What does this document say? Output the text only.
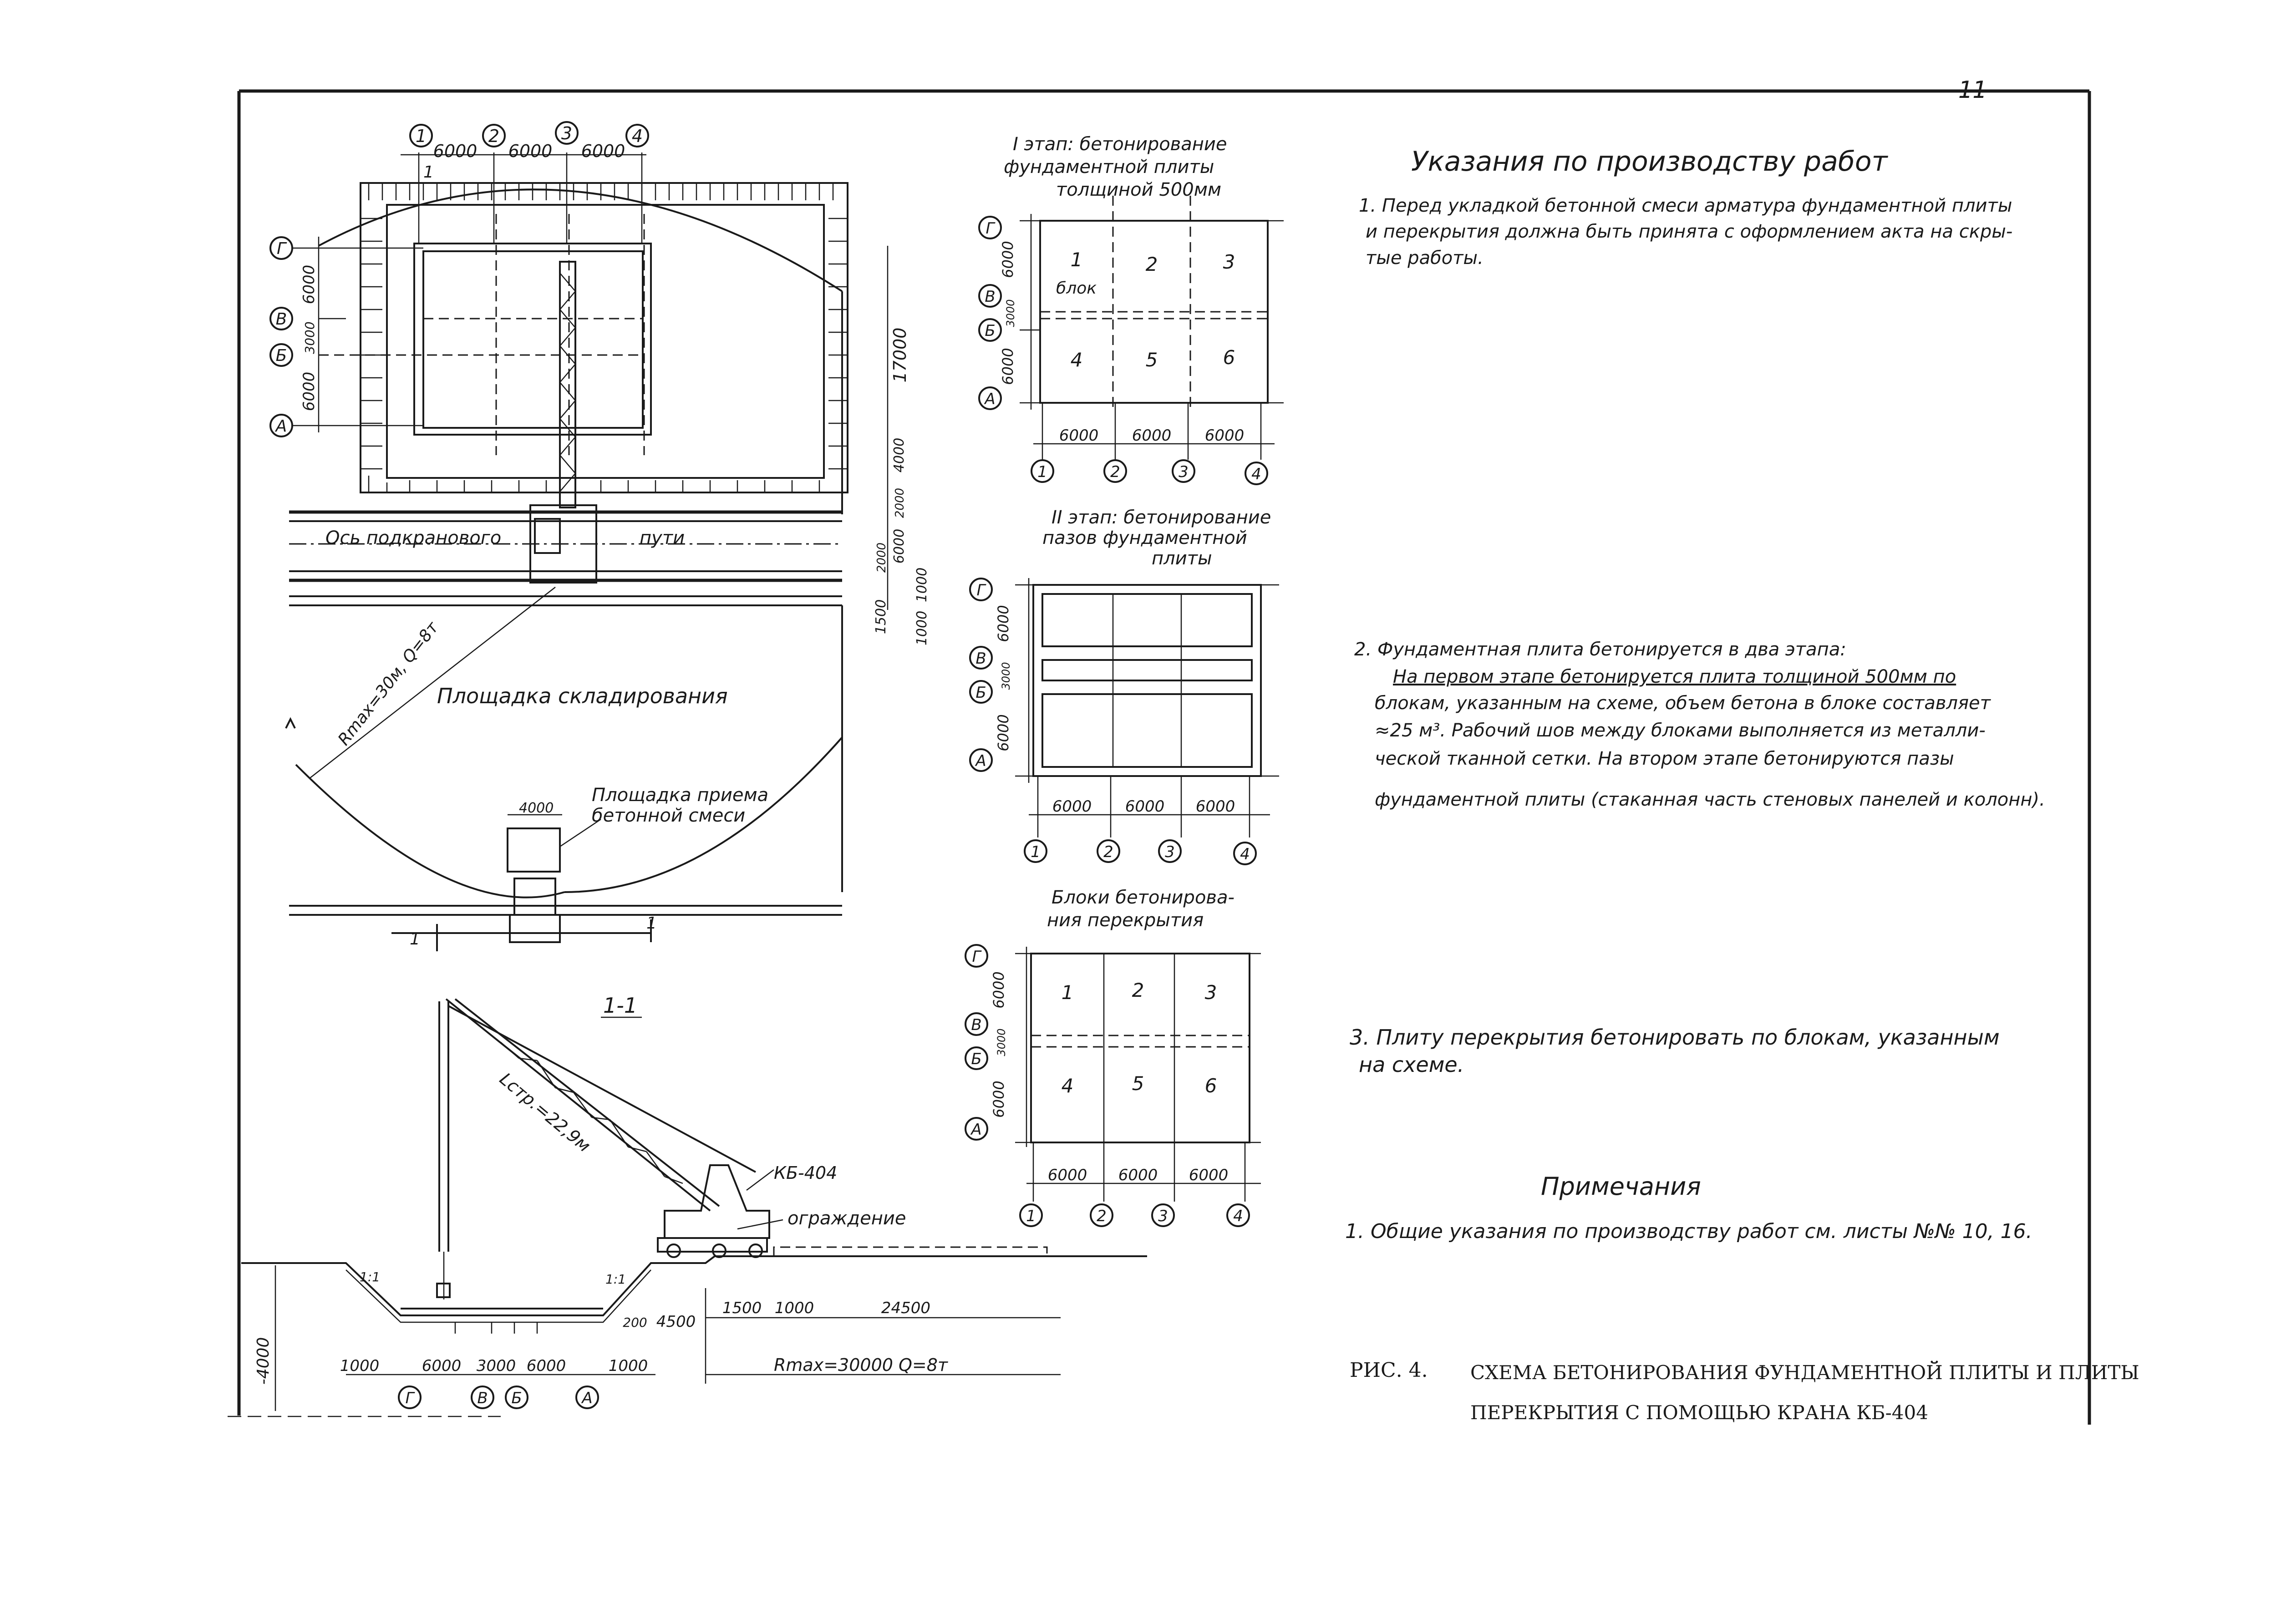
-11-
1	2	3	4
6000 6000 6000
Г
В
Б
А
6000
3000
6000
17000
4000
2000
6000
2000
1000
1500 1000
1
1
1
Ось подкранового	пути
Rmax=30м, Q=8т
Площадка складирования
Площадка приема
бетонной смеси
4000
1-1
Lстр.=22,9м
КБ-404
ограждение
1:1	1:1
-4000	1000	6000 3000 6000	1000
200 4500
1500 1000	24500
Rmax=30000 Q=8т
Г	В Б	А
I этап: бетонирование
фундаментной плиты
толщиной 500мм
1	2	3
4	5	6
блок
Г
В
Б
А
6000
3000
6000
6000 6000 6000
1	2	3	4
II этап: бетонирование
пазов фундаментной
плиты
Г
В
Б
А
6000
3000
6000
6000 6000 6000
1	2	3	4
Блоки бетонирова-
ния перекрытия
1	2	3
4	5	6
Г
В
Б
А
6000
3000
6000
6000 6000 6000
1	2	3	4
Указания по производству работ
1. Перед укладкой бетонной смеси арматура фундаментной плиты
и перекрытия должна быть принята с оформлением акта на скры-
тые работы.
2. Фундаментная плита бетонируется в два этапа:
На первом этапе бетонируется плита толщиной 500мм по
блокам, указанным на схеме, объем бетона в блоке составляет
≈25 м³. Рабочий шов между блоками выполняется из металли-
ческой тканной сетки. На втором этапе бетонируются пазы
фундаментной плиты (стаканная часть стеновых панелей и колонн).
3. Плиту перекрытия бетонировать по блокам, указанным
на схеме.
Примечания
1. Общие указания по производству работ см. листы №№ 10, 16.
РИС. 4. СХЕМА БЕТОНИРОВАНИЯ ФУНДАМЕНТНОЙ ПЛИТЫ И ПЛИТЫ
ПЕРЕКРЫТИЯ С ПОМОЩЬЮ КРАНА КБ-404
